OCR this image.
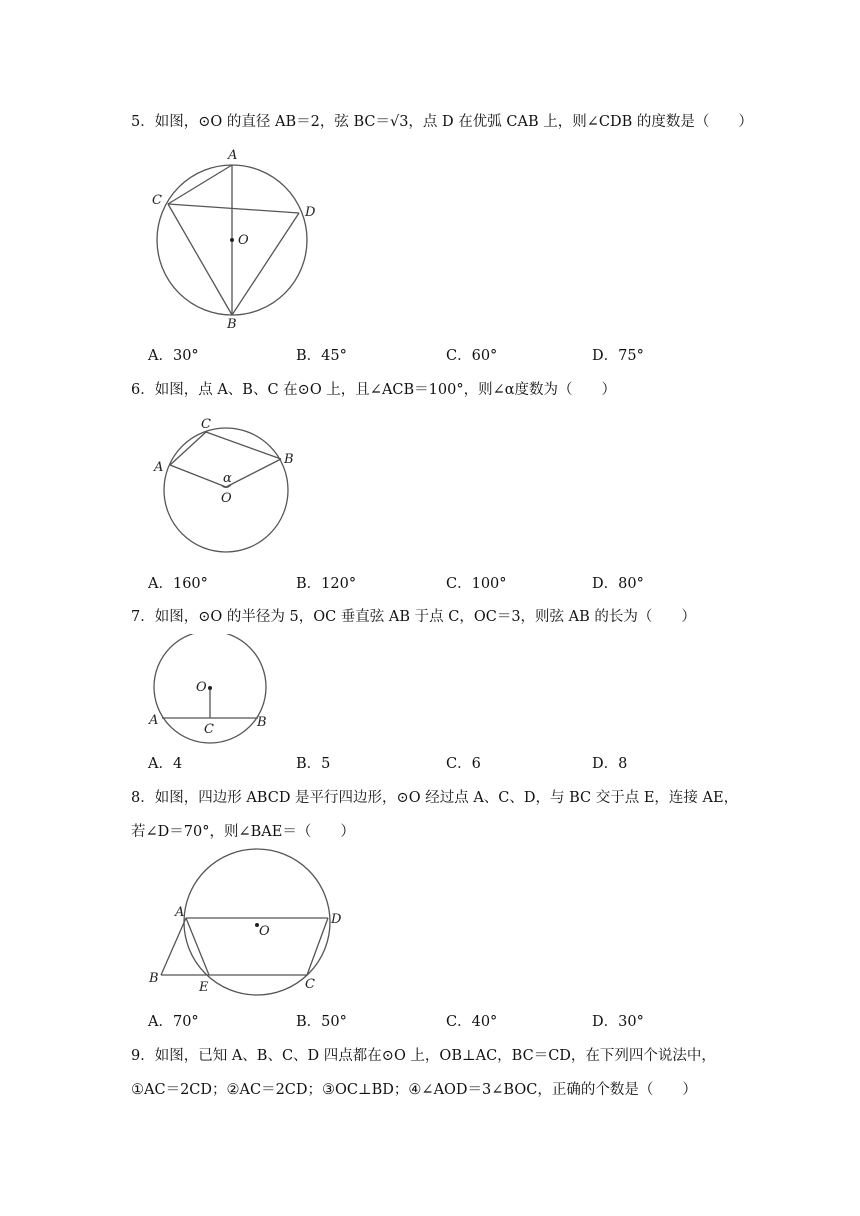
5．如图，⊙O 的直径 AB＝2，弦 BC＝√3，点 D 在优弧 CAB 上，则∠CDB 的度数是（　　）
A
C
D
O
B
A．30°	B．45°	C．60°	D．75°
6．如图，点 A、B、C 在⊙O 上，且∠ACB＝100°，则∠α度数为（　　）
C
A
B
α
O
A．160°	B．120°	C．100°	D．80°
7．如图，⊙O 的半径为 5，OC 垂直弦 AB 于点 C，OC＝3，则弦 AB 的长为（　　）
O
A	B
C
A．4	B．5	C．6	D．8
8．如图，四边形 ABCD 是平行四边形，⊙O 经过点 A、C、D，与 BC 交于点 E，连接 AE，
若∠D＝70°，则∠BAE＝（　　）
A	D
O
B
E	C
A．70°	B．50°	C．40°	D．30°
9．如图，已知 A、B、C、D 四点都在⊙O 上，OB⊥AC，BC＝CD，在下列四个说法中，
①AC＝2CD；②AC＝2CD；③OC⊥BD；④∠AOD＝3∠BOC，正确的个数是（　　）
